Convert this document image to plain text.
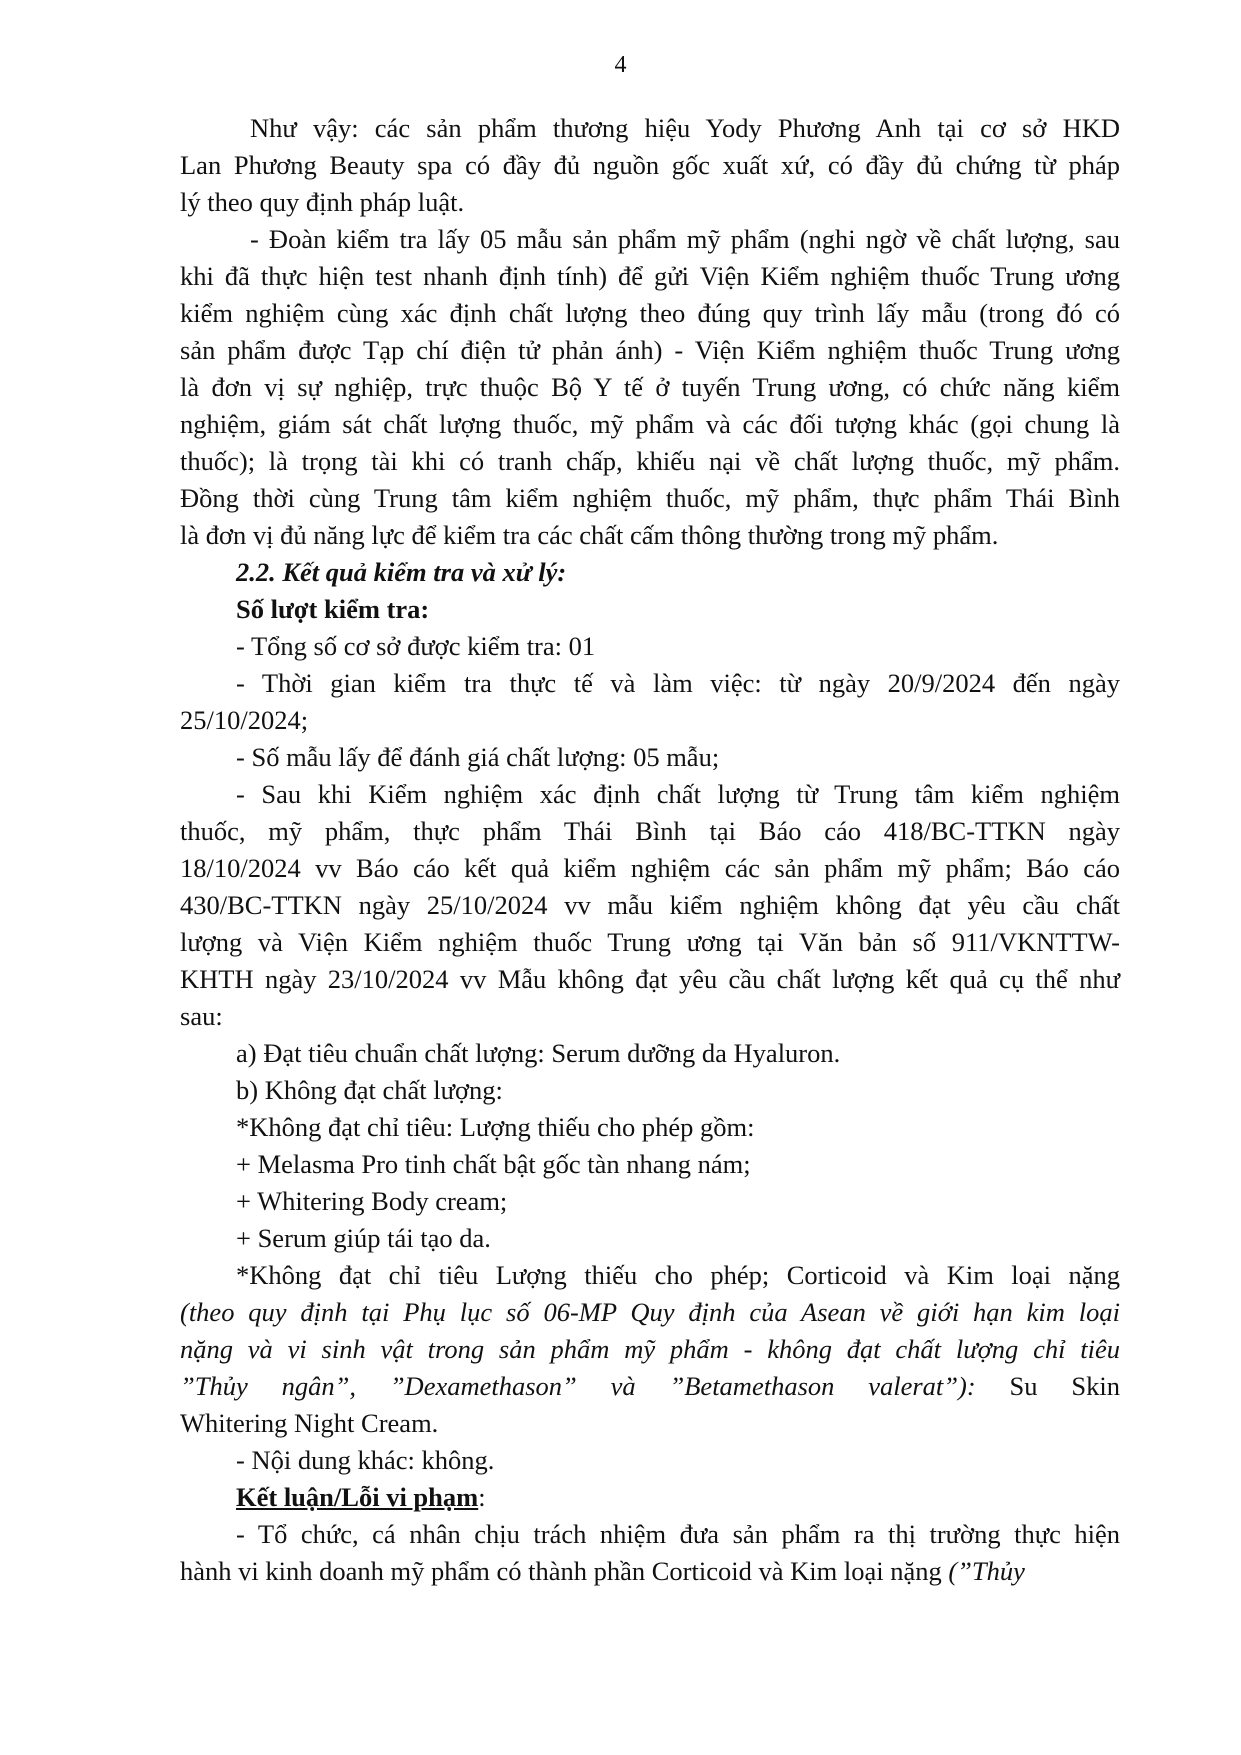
4
Như vậy: các sản phẩm thương hiệu Yody Phương Anh tại cơ sở HKD
Lan Phương Beauty spa có đầy đủ nguồn gốc xuất xứ, có đầy đủ chứng từ pháp
lý theo quy định pháp luật.
- Đoàn kiểm tra lấy 05 mẫu sản phẩm mỹ phẩm (nghi ngờ về chất lượng, sau
khi đã thực hiện test nhanh định tính) để gửi Viện Kiểm nghiệm thuốc Trung ương
kiểm nghiệm cùng xác định chất lượng theo đúng quy trình lấy mẫu (trong đó có
sản phẩm được Tạp chí điện tử phản ánh) - Viện Kiểm nghiệm thuốc Trung ương
là đơn vị sự nghiệp, trực thuộc Bộ Y tế ở tuyến Trung ương, có chức năng kiểm
nghiệm, giám sát chất lượng thuốc, mỹ phẩm và các đối tượng khác (gọi chung là
thuốc); là trọng tài khi có tranh chấp, khiếu nại về chất lượng thuốc, mỹ phẩm.
Đồng thời cùng Trung tâm kiểm nghiệm thuốc, mỹ phẩm, thực phẩm Thái Bình
là đơn vị đủ năng lực để kiểm tra các chất cấm thông thường trong mỹ phẩm.
2.2. Kết quả kiểm tra và xử lý:
Số lượt kiểm tra:
- Tổng số cơ sở được kiểm tra: 01
- Thời gian kiểm tra thực tế và làm việc: từ ngày 20/9/2024 đến ngày
25/10/2024;
- Số mẫu lấy để đánh giá chất lượng: 05 mẫu;
- Sau khi Kiểm nghiệm xác định chất lượng từ Trung tâm kiểm nghiệm
thuốc, mỹ phẩm, thực phẩm Thái Bình tại Báo cáo 418/BC-TTKN ngày
18/10/2024 vv Báo cáo kết quả kiểm nghiệm các sản phẩm mỹ phẩm; Báo cáo
430/BC-TTKN ngày 25/10/2024 vv mẫu kiểm nghiệm không đạt yêu cầu chất
lượng và Viện Kiểm nghiệm thuốc Trung ương tại Văn bản số 911/VKNTTW-
KHTH ngày 23/10/2024 vv Mẫu không đạt yêu cầu chất lượng kết quả cụ thể như
sau:
a) Đạt tiêu chuẩn chất lượng: Serum dưỡng da Hyaluron.
b) Không đạt chất lượng:
*Không đạt chỉ tiêu: Lượng thiếu cho phép gồm:
+ Melasma Pro tinh chất bật gốc tàn nhang nám;
+ Whitering Body cream;
+ Serum giúp tái tạo da.
*Không đạt chỉ tiêu Lượng thiếu cho phép; Corticoid và Kim loại nặng
(theo quy định tại Phụ lục số 06-MP Quy định của Asean về giới hạn kim loại
nặng và vi sinh vật trong sản phẩm mỹ phẩm - không đạt chất lượng chỉ tiêu
”Thủy ngân”, ”Dexamethason” và ”Betamethason valerat”): Su Skin
Whitering Night Cream.
- Nội dung khác: không.
Kết luận/Lỗi vi phạm:
- Tổ chức, cá nhân chịu trách nhiệm đưa sản phẩm ra thị trường thực hiện
hành vi kinh doanh mỹ phẩm có thành phần Corticoid và Kim loại nặng (”Thủy
